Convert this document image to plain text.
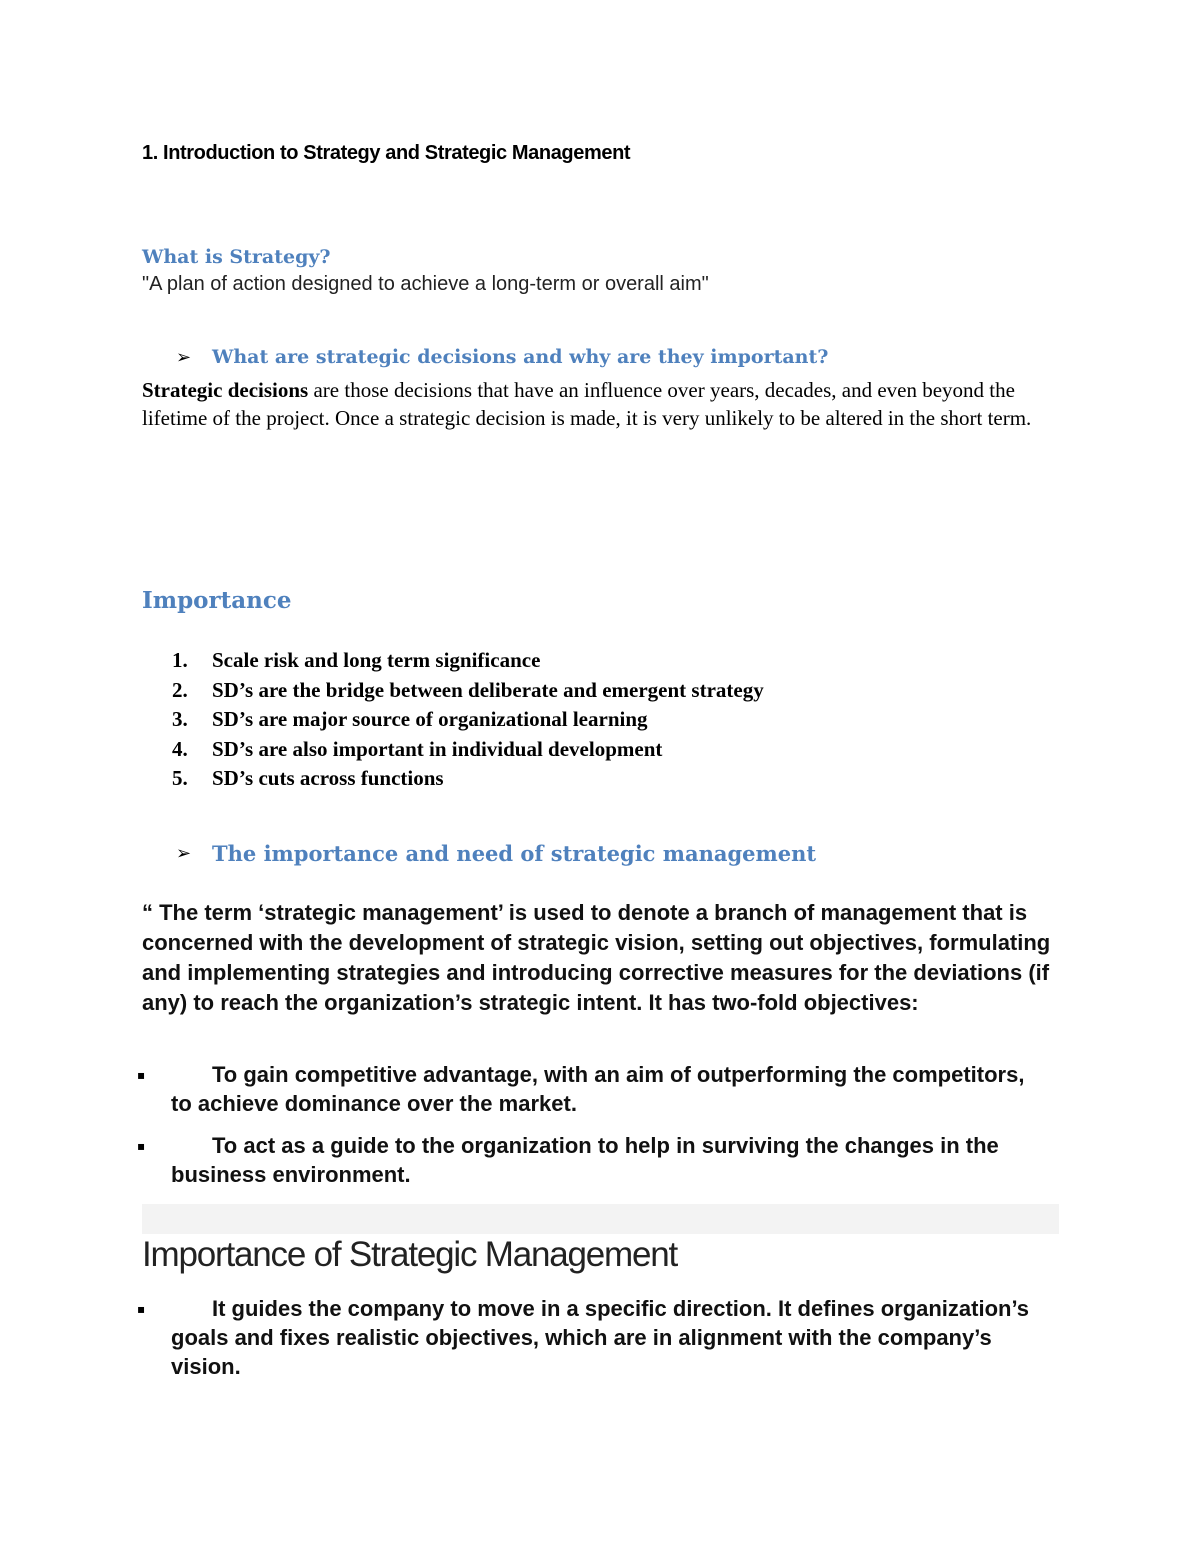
1. Introduction to Strategy and Strategic Management

What is Strategy?

"A plan of action designed to achieve a long-term or overall aim"

➢ What are strategic decisions and why are they important?

Strategic decisions are those decisions that have an influence over years, decades, and even beyond the lifetime of the project. Once a strategic decision is made, it is very unlikely to be altered in the short term.

Importance

1.	Scale risk and long term significance
2.	SD’s are the bridge between deliberate and emergent strategy
3.	SD’s are major source of organizational learning
4.	SD’s are also important in individual development
5.	SD’s cuts across functions
➢ The importance and need of strategic management

“ The term ‘strategic management’ is used to denote a branch of management that is concerned with the development of strategic vision, setting out objectives, formulating and implementing strategies and introducing corrective measures for the deviations (if any) to reach the organization’s strategic intent. It has two-fold objectives:

▪	To gain competitive advantage, with an aim of outperforming the competitors, to achieve dominance over the market.
▪	To act as a guide to the organization to help in surviving the changes in the business environment.

Importance of Strategic Management

▪	It guides the company to move in a specific direction. It defines organization’s goals and fixes realistic objectives, which are in alignment with the company’s vision.
